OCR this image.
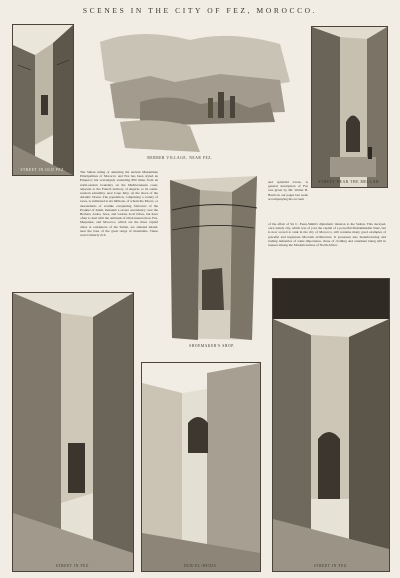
SCENES IN THE CITY OF FEZ, MOROCCO.
STREET IN OLD FEZ.
BERBER VILLAGE, NEAR FEZ.
STREET NEAR THE MELLAH.
The Sultan ruling or annexing the ancient Mussulman Principalities of Morocco and Fez has been styled an Emperor; his sovereignty extending 800 miles from its north-eastern boundary on the Mediterranean coast, adjacent to the French territory of Algeria, to its south-western extremity, near Cape Juby, on the shore of the Atlantic Ocean. The population, comprising a variety of races, is estimated at six millions, of whom the Moors, or descendants of warlike conquering followers of the Prophet of Islam, maintain a severe ascendancy over the Berbers, Arabs, Jews, and various local tribes, but have often to deal with the outbreak of tribal insurrection. Fez, Mequinez, and Morocco, which are the three capital cities or residences of the Sultan, are situated inland, near the base of the great range of mountains. These were formerly rich
SHOEMAKER'S SHOP.
and splendid towns. A general description of Fez was given by Mr. Walter B. Harris in our pages last week accompanying his account
of the affair of Sir C. Euan-Smith's diplomatic mission to the Sultan. This decayed, once stately city, which was of yore the capital of a powerful Mohammedan State, but is now scored to rank in the city of Morocco, still contains many good examples of graceful and ingenious Moorish architecture. It possesses also manufacturing and trading industries of some importance, those of clothing and ornament being still in request among the Moslem natives of North Africa.
STREET IN FEZ.	DUR-EL-BEIDA.	STREET IN FEZ.
